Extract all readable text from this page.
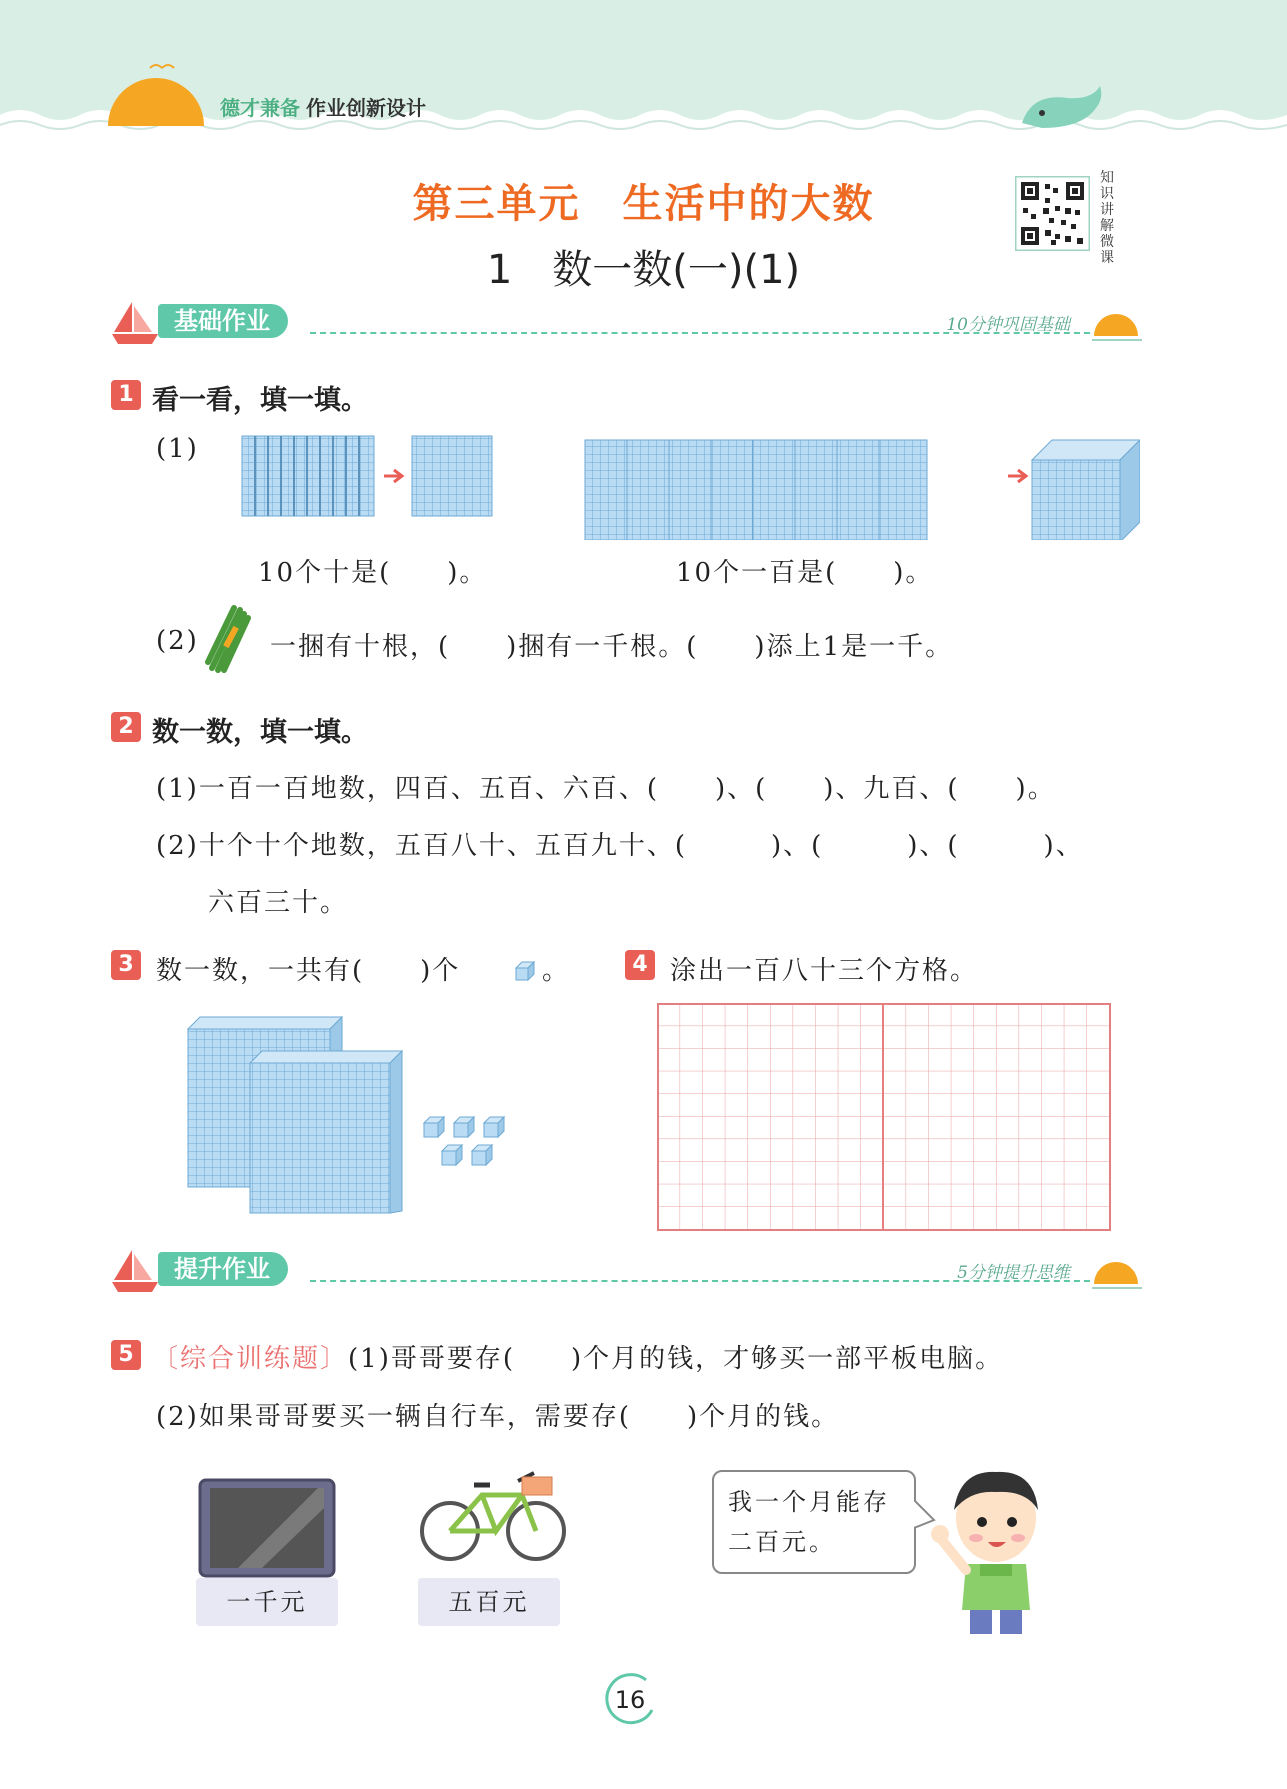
德才兼备 作业创新设计
第三单元　生活中的大数
1　数一数(一)(1)
知识讲解微课
基础作业	10分钟巩固基础
1 看一看，填一填。
(1)
10个十是(　　)。	10个一百是(　　)。
(2)	一捆有十根，(　　)捆有一千根。(　　)添上1是一千。
2 数一数，填一填。
(1)一百一百地数，四百、五百、六百、(　　)、(　　)、九百、(　　)。
(2)十个十个地数，五百八十、五百九十、(　　　)、(　　　)、(　　　)、
六百三十。
3 数一数，一共有(　　)个	。	4 涂出一百八十三个方格。
提升作业	5分钟提升思维
5 〔综合训练题〕(1)哥哥要存(　　)个月的钱，才够买一部平板电脑。
(2)如果哥哥要买一辆自行车，需要存(　　)个月的钱。
一千元	五百元
我一个月能存二百元。
16
